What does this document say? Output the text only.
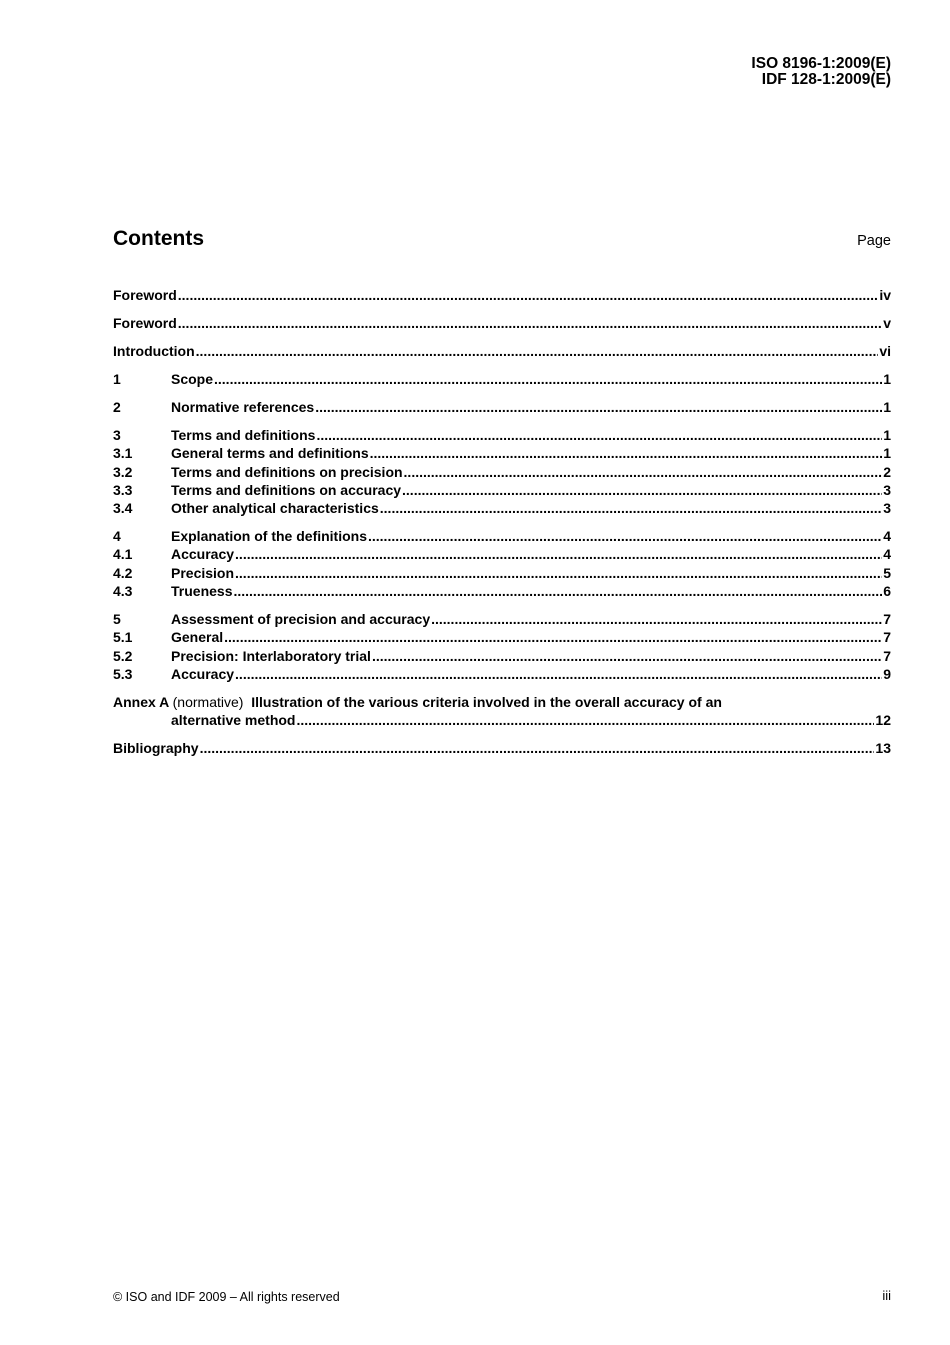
ISO 8196-1:2009(E)
IDF 128-1:2009(E)
Contents	Page
Foreword .....	iv
Foreword .....	v
Introduction .....	vi
1	Scope .....	1
2	Normative references .....	1
3	Terms and definitions .....	1
3.1	General terms and definitions .....	1
3.2	Terms and definitions on precision .....	2
3.3	Terms and definitions on accuracy .....	3
3.4	Other analytical characteristics .....	3
4	Explanation of the definitions .....	4
4.1	Accuracy .....	4
4.2	Precision .....	5
4.3	Trueness .....	6
5	Assessment of precision and accuracy .....	7
5.1	General .....	7
5.2	Precision: Interlaboratory trial .....	7
5.3	Accuracy .....	9
Annex A (normative) Illustration of the various criteria involved in the overall accuracy of an
alternative method .....	12
Bibliography .....	13
© ISO and IDF 2009 – All rights reserved	iii
